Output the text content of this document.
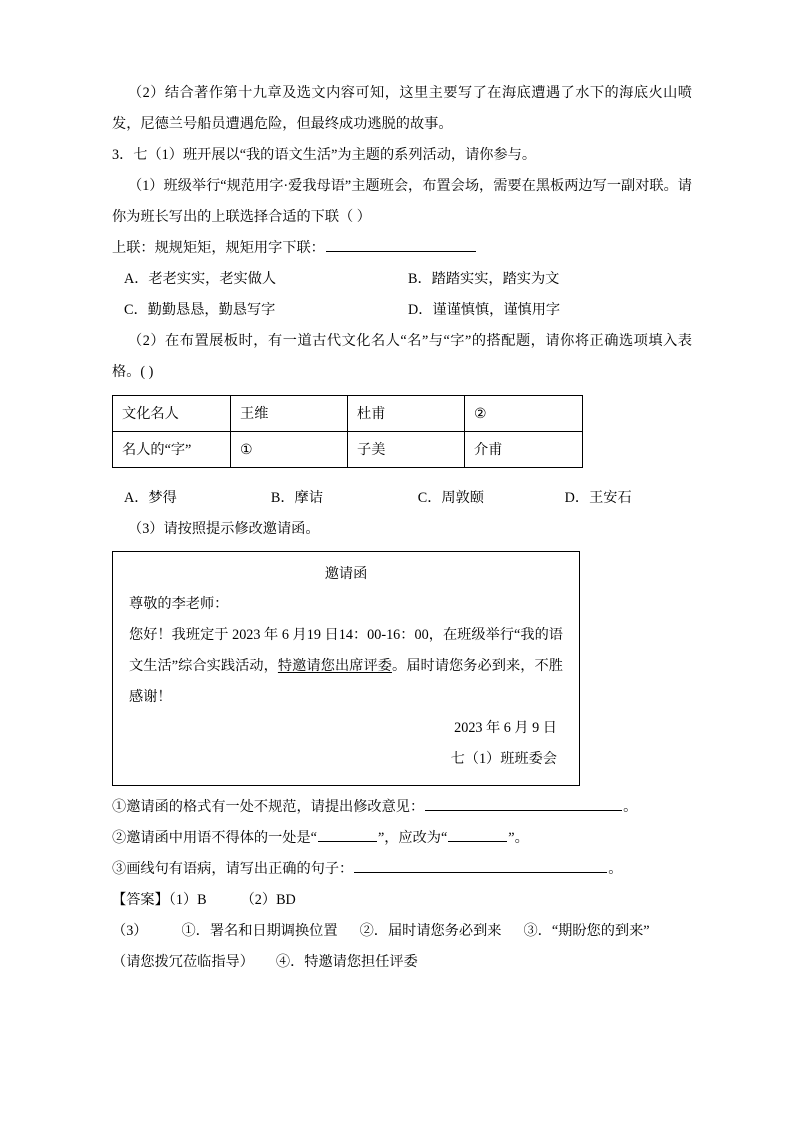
（2）结合著作第十九章及选文内容可知，这里主要写了在海底遭遇了水下的海底火山喷发，尼德兰号船员遭遇危险，但最终成功逃脱的故事。

3．七（1）班开展以“我的语文生活”为主题的系列活动，请你参与。

（1）班级举行“规范用字·爱我母语”主题班会，布置会场，需要在黑板两边写一副对联。请你为班长写出的上联选择合适的下联（ ）

上联：规规矩矩，规矩用字下联：

A．老老实实，老实做人	B．踏踏实实，踏实为文
C．勤勤恳恳，勤恳写字	D．谨谨慎慎，谨慎用字

（2）在布置展板时，有一道古代文化名人“名”与“字”的搭配题，请你将正确选项填入表格。( )

文化名人	王维	杜甫	②
名人的“字”	①	子美	介甫
A．梦得	B．摩诘	C．周敦颐	D．王安石

（3）请按照提示修改邀请函。

邀请函

尊敬的李老师：

您好！我班定于 2023 年 6 月19 日14：00-16：00，在班级举行“我的语文生活”综合实践活动，特邀请您出席评委。届时请您务必到来，不胜感谢！

2023 年 6 月 9 日

七（1）班班委会

①邀请函的格式有一处不规范，请提出修改意见：	。

②邀请函中用语不得体的一处是“	”，应改为“	”。

③画线句有语病，请写出正确的句子：	。

【答案】（1）B （2）BD

（3） ①．署名和日期调换位置 ②．届时请您务必到来 ③．“期盼您的到来”

（请您拨冗莅临指导） ④．特邀请您担任评委
